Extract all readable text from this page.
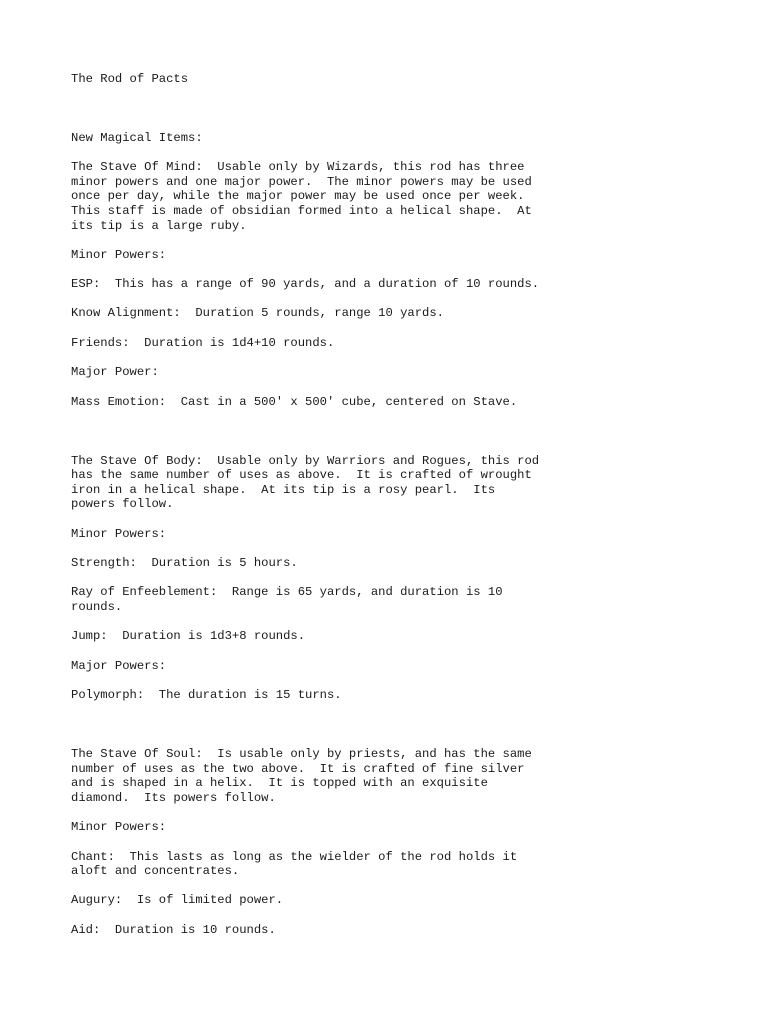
The Rod of Pacts

New Magical Items:

The Stave Of Mind:  Usable only by Wizards, this rod has three

minor powers and one major power.  The minor powers may be used

once per day, while the major power may be used once per week.

This staff is made of obsidian formed into a helical shape.  At

its tip is a large ruby.

Minor Powers:

ESP:  This has a range of 90 yards, and a duration of 10 rounds.

Know Alignment:  Duration 5 rounds, range 10 yards.

Friends:  Duration is 1d4+10 rounds.

Major Power:

Mass Emotion:  Cast in a 500' x 500' cube, centered on Stave.

The Stave Of Body:  Usable only by Warriors and Rogues, this rod

has the same number of uses as above.  It is crafted of wrought

iron in a helical shape.  At its tip is a rosy pearl.  Its

powers follow.

Minor Powers:

Strength:  Duration is 5 hours.

Ray of Enfeeblement:  Range is 65 yards, and duration is 10

rounds.

Jump:  Duration is 1d3+8 rounds.

Major Powers:

Polymorph:  The duration is 15 turns.

The Stave Of Soul:  Is usable only by priests, and has the same

number of uses as the two above.  It is crafted of fine silver

and is shaped in a helix.  It is topped with an exquisite

diamond.  Its powers follow.

Minor Powers:

Chant:  This lasts as long as the wielder of the rod holds it

aloft and concentrates.

Augury:  Is of limited power.

Aid:  Duration is 10 rounds.
